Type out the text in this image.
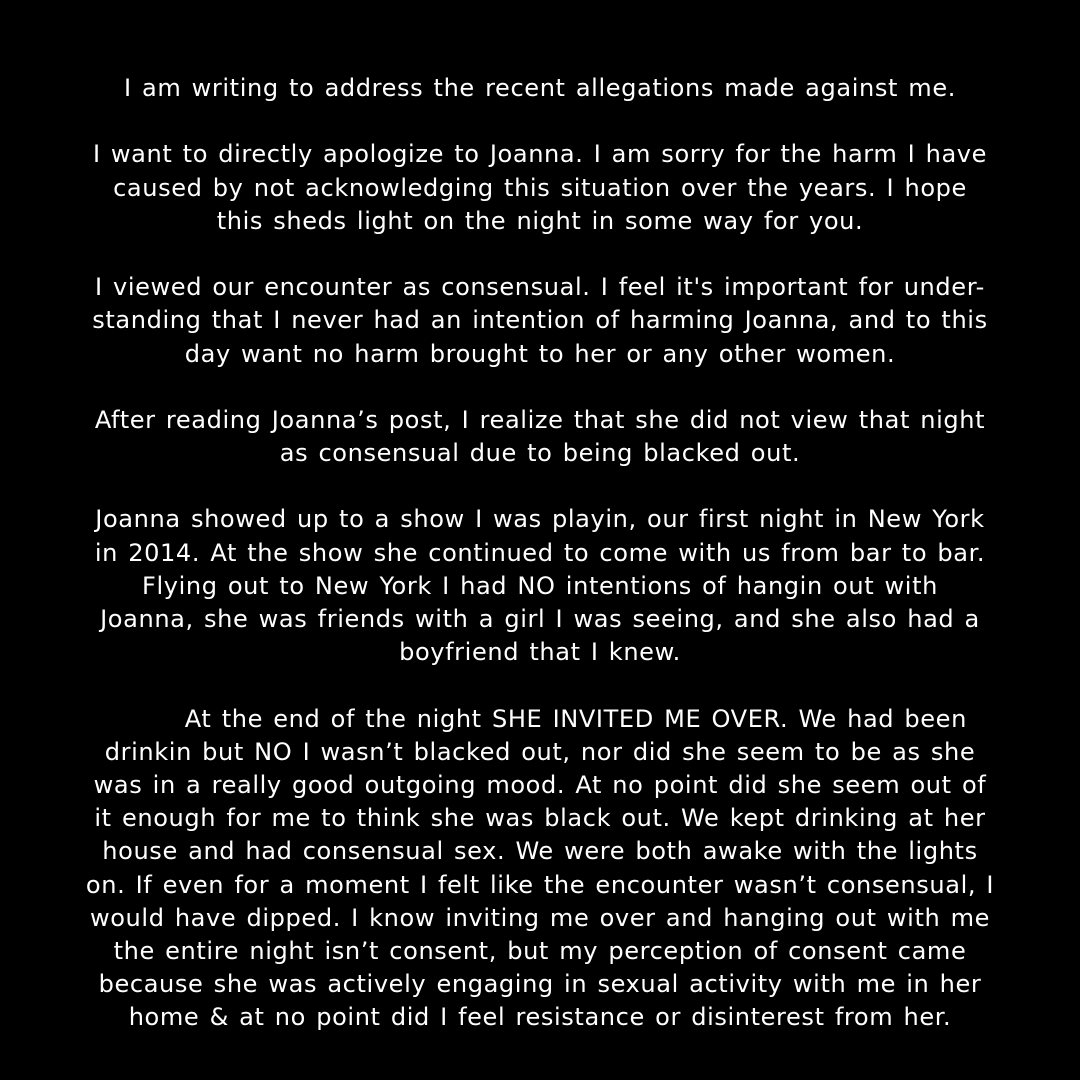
I am writing to address the recent allegations made against me.
I want to directly apologize to Joanna. I am sorry for the harm I have
caused by not acknowledging this situation over the years. I hope
this sheds light on the night in some way for you.
I viewed our encounter as consensual. I feel it's important for under-
standing that I never had an intention of harming Joanna, and to this
day want no harm brought to her or any other women.
After reading Joanna’s post, I realize that she did not view that night
as consensual due to being blacked out.
Joanna showed up to a show I was playin, our first night in New York
in 2014. At the show she continued to come with us from bar to bar.
Flying out to New York I had NO intentions of hangin out with
Joanna, she was friends with a girl I was seeing, and she also had a
boyfriend that I knew.
At the end of the night SHE INVITED ME OVER. We had been
drinkin but NO I wasn’t blacked out, nor did she seem to be as she
was in a really good outgoing mood. At no point did she seem out of
it enough for me to think she was black out. We kept drinking at her
house and had consensual sex. We were both awake with the lights
on. If even for a moment I felt like the encounter wasn’t consensual, I
would have dipped. I know inviting me over and hanging out with me
the entire night isn’t consent, but my perception of consent came
because she was actively engaging in sexual activity with me in her
home & at no point did I feel resistance or disinterest from her.
